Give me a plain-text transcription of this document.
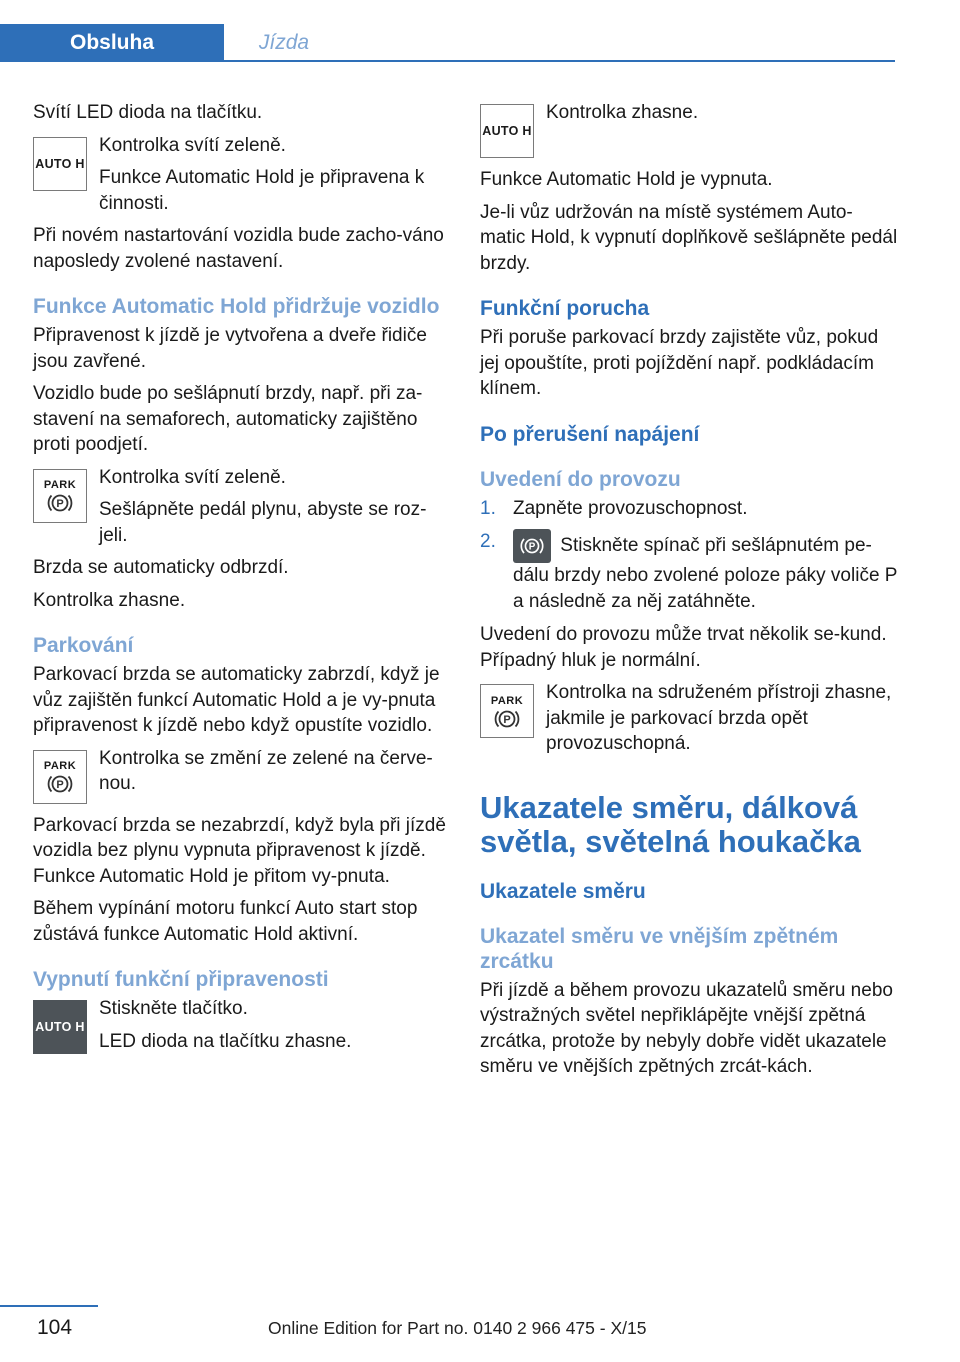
Obsluha	Jízda

Svítí LED dioda na tlačítku.

AUTO H

Kontrolka svítí zeleně.

Funkce Automatic Hold je připravena k činnosti.

Při novém nastartování vozidla bude zacho‐váno naposledy zvolené nastavení.

Funkce Automatic Hold přidržuje vozidlo

Připravenost k jízdě je vytvořena a dveře řidiče jsou zavřené.

Vozidlo bude po sešlápnutí brzdy, např. při za‐stavení na semaforech, automaticky zajištěno proti poodjetí.

PARK
P

Kontrolka svítí zeleně.

Sešlápněte pedál plynu, abyste se roz‐jeli.

Brzda se automaticky odbrzdí.

Kontrolka zhasne.

Parkování

Parkovací brzda se automaticky zabrzdí, když je vůz zajištěn funkcí Automatic Hold a je vy‐pnuta připravenost k jízdě nebo když opustíte vozidlo.

PARK
P

Kontrolka se změní ze zelené na červe‐nou.

Parkovací brzda se nezabrzdí, když byla při jízdě vozidla bez plynu vypnuta připravenost k jízdě. Funkce Automatic Hold je přitom vy‐pnuta.

Během vypínání motoru funkcí Auto start stop zůstává funkce Automatic Hold aktivní.

Vypnutí funkční připravenosti
AUTO H

Stiskněte tlačítko.

LED dioda na tlačítku zhasne.

AUTO H

Kontrolka zhasne.

Funkce Automatic Hold je vypnuta.

Je-li vůz udržován na místě systémem Auto‐matic Hold, k vypnutí doplňkově sešlápněte pedál brzdy.

Funkční porucha

Při poruše parkovací brzdy zajistěte vůz, pokud jej opouštíte, proti pojíždění např. podkládacím klínem.

Po přerušení napájení
Uvedení do provozu
1. Zapněte provozuschopnost.
2.	P Stiskněte spínač při sešlápnutém pe‐dálu brzdy nebo zvolené poloze páky voliče P a následně za něj zatáhněte.

Uvedení do provozu může trvat několik se‐kund. Případný hluk je normální.

PARK
P

Kontrolka na sdruženém přístroji zhasne, jakmile je parkovací brzda opět provozuschopná.

Ukazatele směru, dálková světla, světelná houkačka
Ukazatele směru
Ukazatel směru ve vnějším zpětném zrcátku

Při jízdě a během provozu ukazatelů směru nebo výstražných světel nepřiklápějte vnější zpětná zrcátka, protože by nebyly dobře vidět ukazatele směru ve vnějších zpětných zrcát‐kách.

104	Online Edition for Part no. 0140 2 966 475 - X/15
